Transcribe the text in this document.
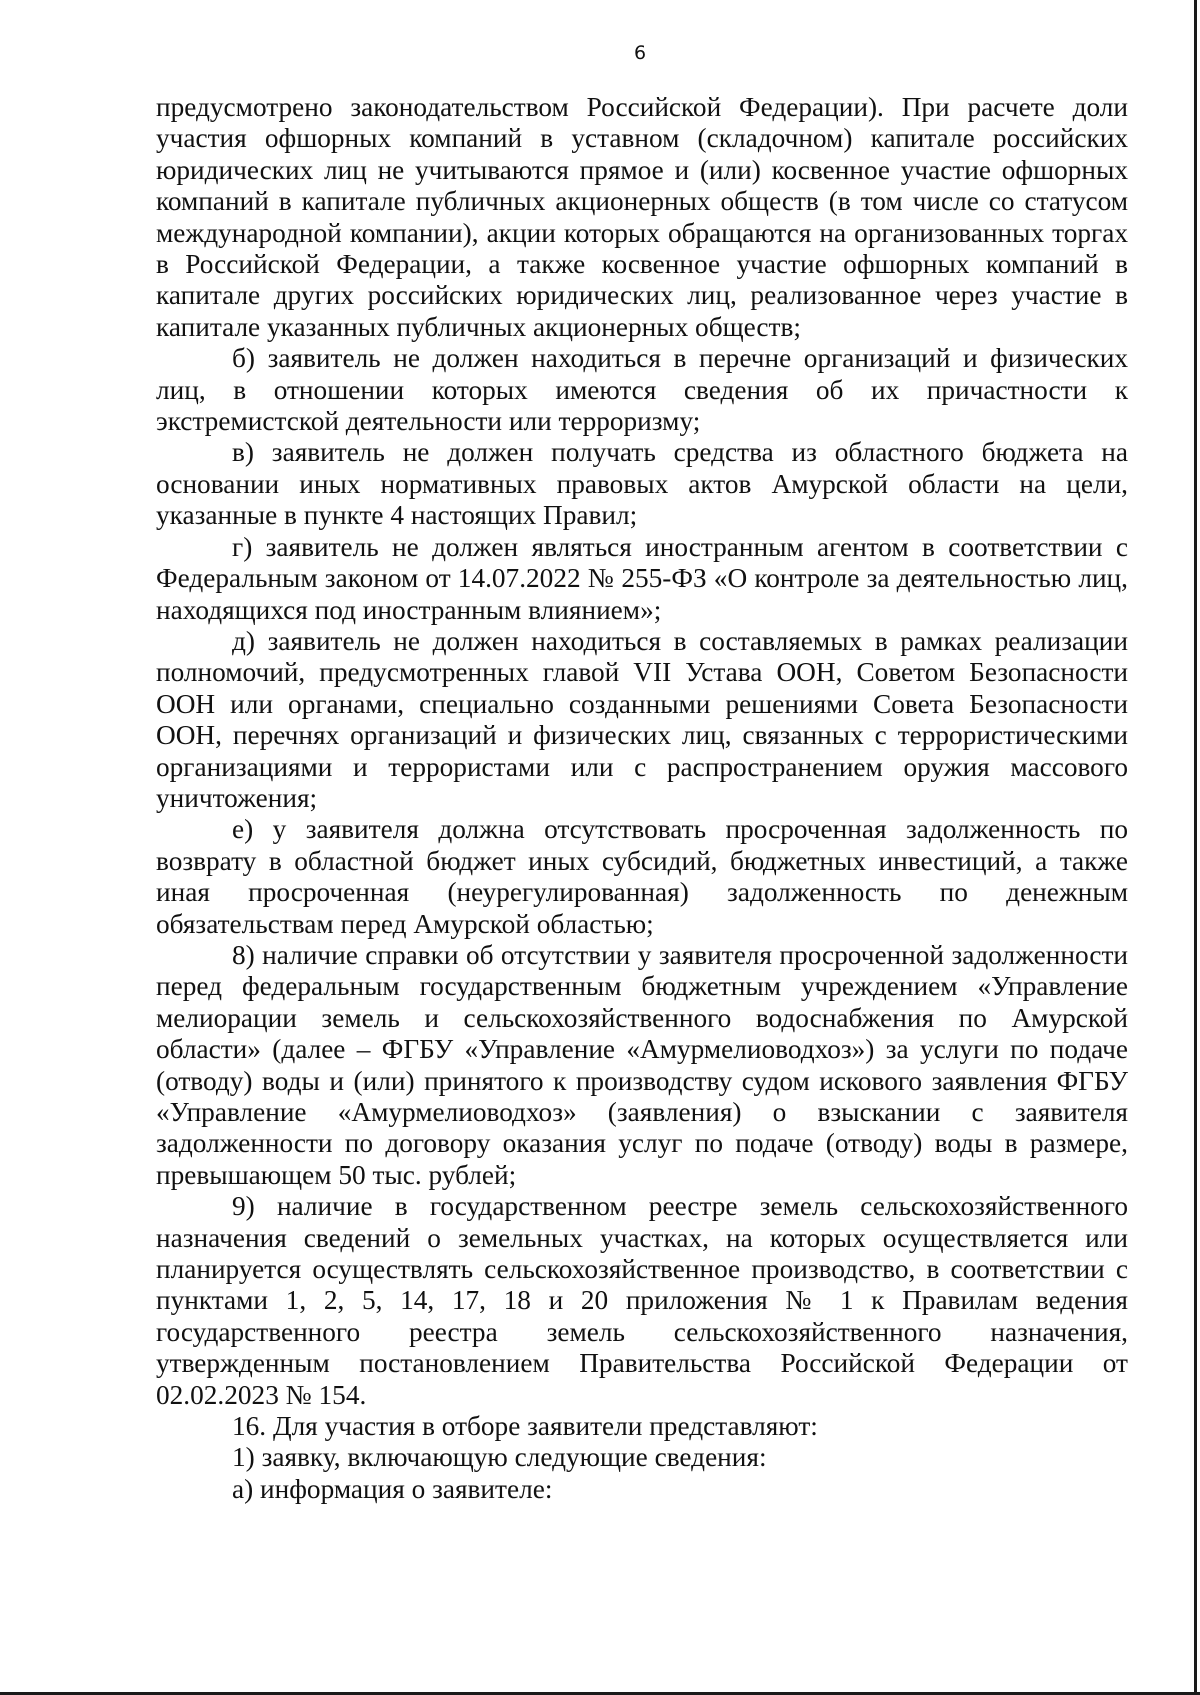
6

предусмотрено законодательством Российской Федерации). При расчете доли участия офшорных компаний в уставном (складочном) капитале российских юридических лиц не учитываются прямое и (или) косвенное участие офшорных компаний в капитале публичных акционерных обществ (в том числе со статусом международной компании), акции которых обращаются на организованных торгах в Российской Федерации, а также косвенное участие офшорных компаний в капитале других российских юридических лиц, реализованное через участие в капитале указанных публичных акционерных обществ;

б) заявитель не должен находиться в перечне организаций и физических лиц, в отношении которых имеются сведения об их причастности к экстремистской деятельности или терроризму;

в) заявитель не должен получать средства из областного бюджета на основании иных нормативных правовых актов Амурской области на цели, указанные в пункте 4 настоящих Правил;

г) заявитель не должен являться иностранным агентом в соответствии с Федеральным законом от 14.07.2022 № 255-ФЗ «О контроле за деятельностью лиц, находящихся под иностранным влиянием»;

д) заявитель не должен находиться в составляемых в рамках реализации полномочий, предусмотренных главой VII Устава ООН, Советом Безопасности ООН или органами, специально созданными решениями Совета Безопасности ООН, перечнях организаций и физических лиц, связанных с террористическими организациями и террористами или с распространением оружия массового уничтожения;

е) у заявителя должна отсутствовать просроченная задолженность по возврату в областной бюджет иных субсидий, бюджетных инвестиций, а также иная просроченная (неурегулированная) задолженность по денежным обязательствам перед Амурской областью;

8) наличие справки об отсутствии у заявителя просроченной задолженности перед федеральным государственным бюджетным учреждением «Управление мелиорации земель и сельскохозяйственного водоснабжения по Амурской области» (далее – ФГБУ «Управление «Амурмелиоводхоз») за услуги по подаче (отводу) воды и (или) принятого к производству судом искового заявления ФГБУ «Управление «Амурмелиоводхоз» (заявления) о взыскании с заявителя задолженности по договору оказания услуг по подаче (отводу) воды в размере, превышающем 50 тыс. рублей;

9) наличие в государственном реестре земель сельскохозяйственного назначения сведений о земельных участках, на которых осуществляется или планируется осуществлять сельскохозяйственное производство, в соответствии с пунктами 1, 2, 5, 14, 17, 18 и 20 приложения № 1 к Правилам ведения государственного реестра земель сельскохозяйственного назначения, утвержденным постановлением Правительства Российской Федерации от 02.02.2023 № 154.

16. Для участия в отборе заявители представляют:

1) заявку, включающую следующие сведения:

а) информация о заявителе:
